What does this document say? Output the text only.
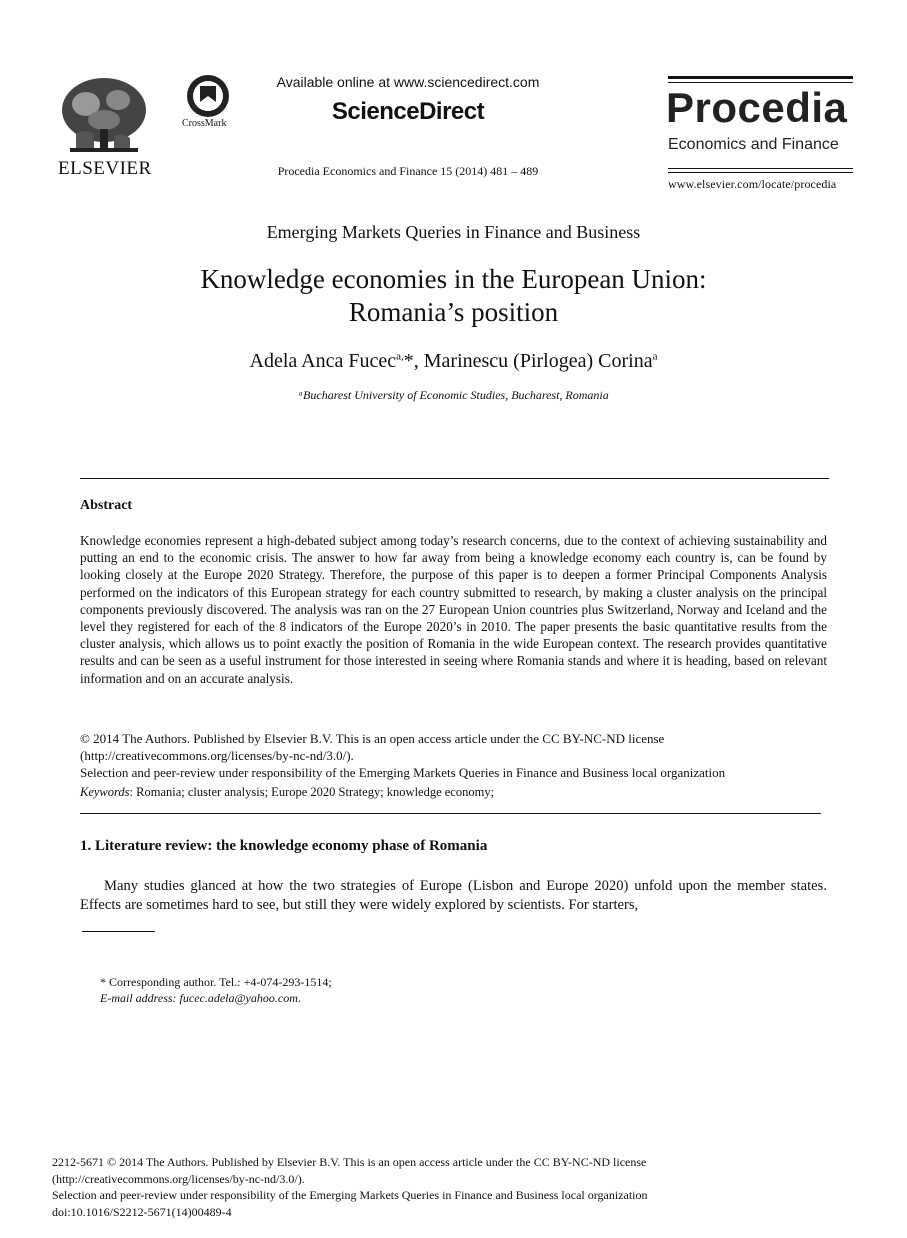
ELSEVIER
CrossMark
Available online at www.sciencedirect.com
ScienceDirect
Procedia Economics and Finance 15 (2014) 481 – 489
Procedia
Economics and Finance
www.elsevier.com/locate/procedia
Emerging Markets Queries in Finance and Business
Knowledge economies in the European Union:
Romania’s position
Adela Anca Fucec$^{a,}$*, Marinescu (Pirlogea) Corina$^a$
ᵃBucharest University of Economic Studies, Bucharest, Romania
Abstract
Knowledge economies represent a high-debated subject among today’s research concerns, due to the context of achieving sustainability and putting an end to the economic crisis. The answer to how far away from being a knowledge economy each country is, can be found by looking closely at the Europe 2020 Strategy. Therefore, the purpose of this paper is to deepen a former Principal Components Analysis performed on the indicators of this European strategy for each country submitted to research, by making a cluster analysis on the principal components previously discovered. The analysis was ran on the 27 European Union countries plus Switzerland, Norway and Iceland and the level they registered for each of the 8 indicators of the Europe 2020’s in 2010. The paper presents the basic quantitative results from the cluster analysis, which allows us to point exactly the position of Romania in the wide European context. The research provides quantitative results and can be seen as a useful instrument for those interested in seeing where Romania stands and where it is heading, based on relevant information and on an accurate analysis.
© 2014 The Authors. Published by Elsevier B.V. This is an open access article under the CC BY-NC-ND license
(http://creativecommons.org/licenses/by-nc-nd/3.0/).
Selection and peer-review under responsibility of the Emerging Markets Queries in Finance and Business local organization
Keywords: Romania; cluster analysis; Europe 2020 Strategy; knowledge economy;
1. Literature review: the knowledge economy phase of Romania
Many studies glanced at how the two strategies of Europe (Lisbon and Europe 2020) unfold upon the member states. Effects are sometimes hard to see, but still they were widely explored by scientists. For starters,
* Corresponding author. Tel.: +4-074-293-1514;
E-mail address: fucec.adela@yahoo.com.
2212-5671 © 2014 The Authors. Published by Elsevier B.V. This is an open access article under the CC BY-NC-ND license
(http://creativecommons.org/licenses/by-nc-nd/3.0/).
Selection and peer-review under responsibility of the Emerging Markets Queries in Finance and Business local organization
doi:10.1016/S2212-5671(14)00489-4
